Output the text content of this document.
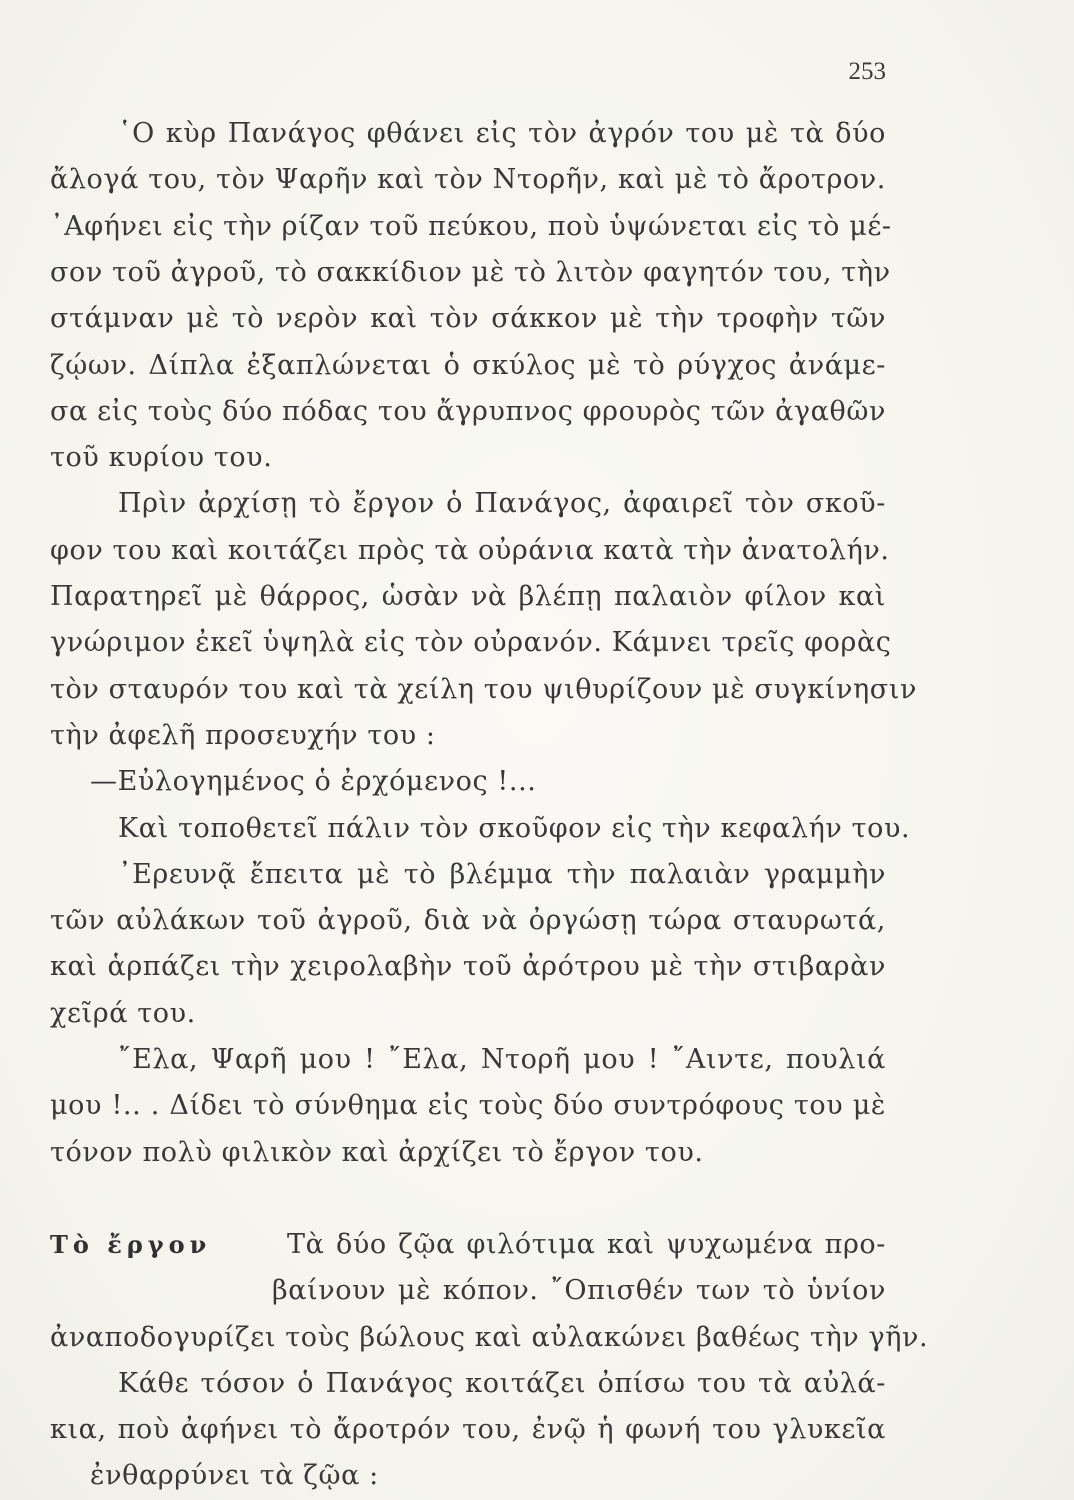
253
῾Ο κὺρ Πανάγος φθάνει εἰς τὸν ἀγρόν του μὲ τὰ δύο
ἄλογά του, τὸν Ψαρῆν καὶ τὸν Ντορῆν, καὶ μὲ τὸ ἄροτρον.
᾿Αφήνει εἰς τὴν ρίζαν τοῦ πεύκου, ποὺ ὑψώνεται εἰς τὸ μέ-
σον τοῦ ἀγροῦ, τὸ σακκίδιον μὲ τὸ λιτὸν φαγητόν του, τὴν
στάμναν μὲ τὸ νερὸν καὶ τὸν σάκκον μὲ τὴν τροφὴν τῶν
ζῴων. Δίπλα ἐξαπλώνεται ὁ σκύλος μὲ τὸ ρύγχος ἀνάμε-
σα εἰς τοὺς δύο πόδας του ἄγρυπνος φρουρὸς τῶν ἀγαθῶν
τοῦ κυρίου του.
Πρὶν ἀρχίσῃ τὸ ἔργον ὁ Πανάγος, ἀφαιρεῖ τὸν σκοῦ-
φον του καὶ κοιτάζει πρὸς τὰ οὐράνια κατὰ τὴν ἀνατολήν.
Παρατηρεῖ μὲ θάρρος, ὡσὰν νὰ βλέπῃ παλαιὸν φίλον καὶ
γνώριμον ἐκεῖ ὑψηλὰ εἰς τὸν οὐρανόν. Κάμνει τρεῖς φορὰς
τὸν σταυρόν του καὶ τὰ χείλη του ψιθυρίζουν μὲ συγκίνησιν
τὴν ἀφελῆ προσευχήν του :
—Εὐλογημένος ὁ ἐρχόμενος !...
Καὶ τοποθετεῖ πάλιν τὸν σκοῦφον εἰς τὴν κεφαλήν του.
᾿Ερευνᾷ ἔπειτα μὲ τὸ βλέμμα τὴν παλαιὰν γραμμὴν
τῶν αὐλάκων τοῦ ἀγροῦ, διὰ νὰ ὀργώσῃ τώρα σταυρωτά,
καὶ ἁρπάζει τὴν χειρολαβὴν τοῦ ἀρότρου μὲ τὴν στιβαρὰν
χεῖρά του.
῎Ελα, Ψαρῆ μου ! ῎Ελα, Ντορῆ μου ! ῎Αιντε, πουλιά
μου !.. . Δίδει τὸ σύνθημα εἰς τοὺς δύο συντρόφους του μὲ
τόνον πολὺ φιλικὸν καὶ ἀρχίζει τὸ ἔργον του.
Τὸ ἔργον	Τὰ δύο ζῷα φιλότιμα καὶ ψυχωμένα προ-
βαίνουν μὲ κόπον. ῎Οπισθέν των τὸ ὑνίον
ἀναποδογυρίζει τοὺς βώλους καὶ αὐλακώνει βαθέως τὴν γῆν.
Κάθε τόσον ὁ Πανάγος κοιτάζει ὀπίσω του τὰ αὐλά-
κια, ποὺ ἀφήνει τὸ ἄροτρόν του, ἐνῷ ἡ φωνή του γλυκεῖα
ἐνθαρρύνει τὰ ζῷα :
